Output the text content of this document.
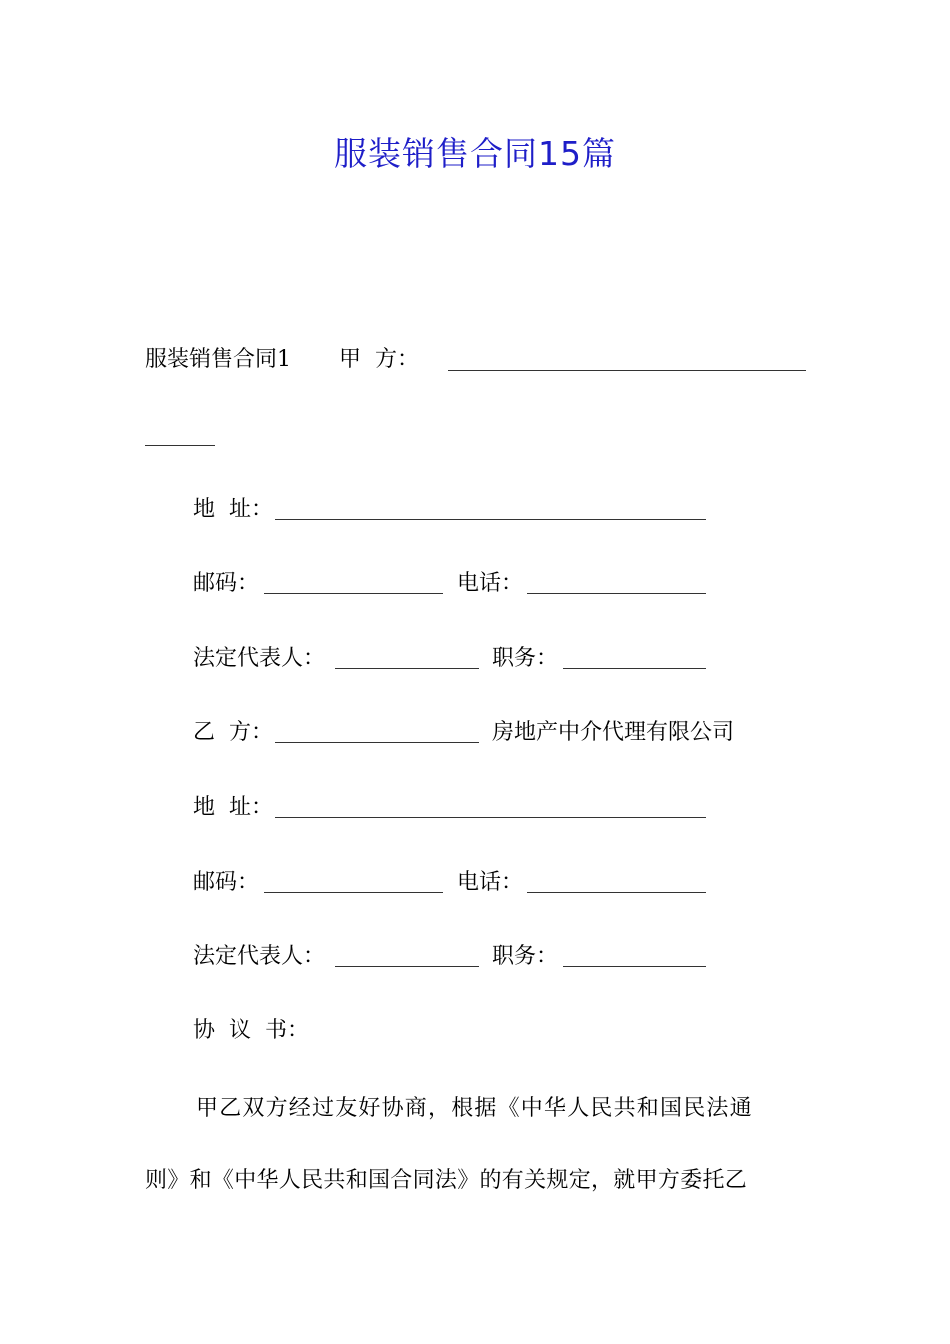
服装销售合同15篇
服装销售合同1 甲  方：
地  址：
邮码：	电话：
法定代表人：	职务：
乙  方：	房地产中介代理有限公司
地  址：
邮码：	电话：
法定代表人：	职务：
协  议  书：
甲乙双方经过友好协商，根据《中华人民共和国民法通
则》和《中华人民共和国合同法》的有关规定，就甲方委托乙
